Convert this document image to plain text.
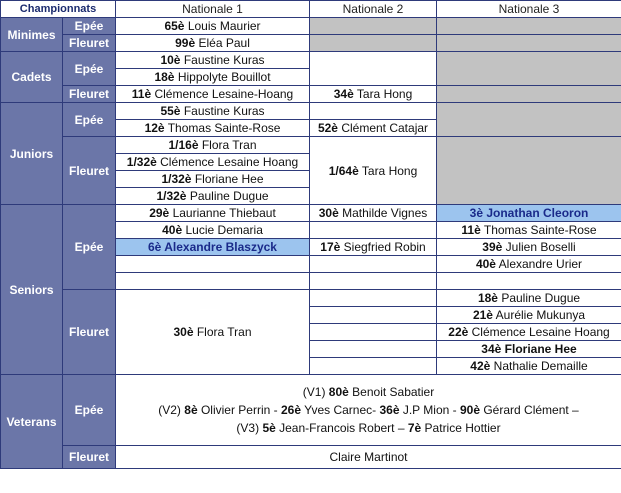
Championnats		Nationale 1	Nationale 2	Nationale 3
Minimes	Epée	65è Louis Maurier		
	Fleuret	99è Eléa Paul		
Cadets	Epée	10è Faustine Kuras		
		18è Hippolyte Bouillot		
	Fleuret	11è Clémence Lesaine-Hoang	34è Tara Hong	
Juniors	Epée	55è Faustine Kuras		
		12è Thomas Sainte-Rose	52è Clément Catajar	
	Fleuret	1/16è Flora Tran	1/64è Tara Hong	
		1/32è Clémence Lesaine Hoang		
		1/32è Floriane Hee		
		1/32è Pauline Dugue		
Seniors	Epée	29è Laurianne Thiebaut	30è Mathilde Vignes	3è Jonathan Cleoron
		40è Lucie Demaria		11è Thomas Sainte-Rose
		6è Alexandre Blaszyck	17è Siegfried Robin	39è Julien Boselli
				40è Alexandre Urier

	Fleuret	30è Flora Tran		18è Pauline Dugue
				21è Aurélie Mukunya
				22è Clémence Lesaine Hoang
				34è Floriane Hee
				42è Nathalie Demaille
Veterans	Epée	(V1) 80è Benoit Sabatier
(V2) 8è Olivier Perrin - 26è Yves Carnec- 36è J.P Mion - 90è Gérard Clément –
(V3) 5è Jean-Francois Robert – 7è Patrice Hottier		

	Fleuret	Claire Martinot		
